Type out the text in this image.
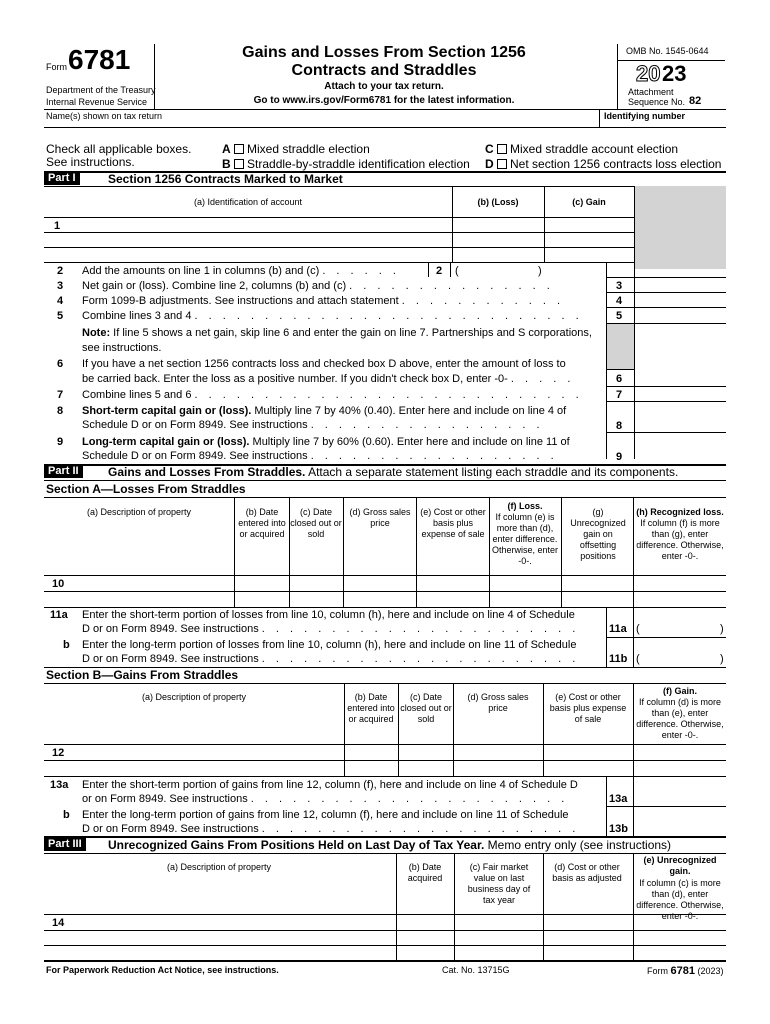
Form 6781
Department of the Treasury
Internal Revenue Service
Gains and Losses From Section 1256
Contracts and Straddles
Attach to your tax return.
Go to www.irs.gov/Form6781 for the latest information.
OMB No. 1545-0644
20 23
Attachment
Sequence No. 82
Name(s) shown on tax return	Identifying number
Check all applicable boxes.
See instructions.
A Mixed straddle election
B Straddle-by-straddle identification election
C Mixed straddle account election
D Net section 1256 contracts loss election
Part I	Section 1256 Contracts Marked to Market
(a) Identification of account	(b) (Loss)	(c) Gain
1
2 Add the amounts on line 1 in columns (b) and (c) . . . . . .	2 (	)
3 Net gain or (loss). Combine line 2, columns (b) and (c) . . . . . . . . . . . . . . .	3
4 Form 1099-B adjustments. See instructions and attach statement . . . . . . . . . . . .	4
5 Combine lines 3 and 4 . . . . . . . . . . . . . . . . . . . . . . . . . . . .	5
Note: If line 5 shows a net gain, skip line 6 and enter the gain on line 7. Partnerships and S corporations,
see instructions.
6 If you have a net section 1256 contracts loss and checked box D above, enter the amount of loss to
be carried back. Enter the loss as a positive number. If you didn't check box D, enter -0- . . . . .	6
7 Combine lines 5 and 6 . . . . . . . . . . . . . . . . . . . . . . . . . . . .	7
8 Short-term capital gain or (loss). Multiply line 7 by 40% (0.40). Enter here and include on line 4 of
Schedule D or on Form 8949. See instructions . . . . . . . . . . . . . . . . .	8
9 Long-term capital gain or (loss). Multiply line 7 by 60% (0.60). Enter here and include on line 11 of
Schedule D or on Form 8949. See instructions . . . . . . . . . . . . . . . . . .	9
Part II	Gains and Losses From Straddles. Attach a separate statement listing each straddle and its components.
Section A—Losses From Straddles
(a) Description of property	(b) Date entered into or acquired
(c) Date closed out or sold
(d) Gross sales price
(e) Cost or other basis plus expense of sale
(f) Loss.
If column (e) is more than (d), enter difference. Otherwise, enter -0-.
(g) Unrecognized gain on offsetting positions
(h) Recognized loss.
If column (f) is more than (g), enter difference. Otherwise, enter -0-.
10
11a Enter the short-term portion of losses from line 10, column (h), here and include on line 4 of Schedule
D or on Form 8949. See instructions . . . . . . . . . . . . . . . . . . . . . . .	11a (	)
b Enter the long-term portion of losses from line 10, column (h), here and include on line 11 of Schedule
D or on Form 8949. See instructions . . . . . . . . . . . . . . . . . . . . . . .	11b (	)
Section B—Gains From Straddles
(a) Description of property	(b) Date entered into or acquired
(c) Date closed out or sold
(d) Gross sales price
(e) Cost or other basis plus expense of sale
(f) Gain.
If column (d) is more than (e), enter difference. Otherwise, enter -0-.
12
13a Enter the short-term portion of gains from line 12, column (f), here and include on line 4 of Schedule D
or on Form 8949. See instructions . . . . . . . . . . . . . . . . . . . . . . .	13a
b Enter the long-term portion of gains from line 12, column (f), here and include on line 11 of Schedule
D or on Form 8949. See instructions . . . . . . . . . . . . . . . . . . . . . . .	13b
Part III	Unrecognized Gains From Positions Held on Last Day of Tax Year. Memo entry only (see instructions)
(a) Description of property	(b) Date acquired
(c) Fair market value on last business day of tax year
(d) Cost or other basis as adjusted
(e) Unrecognized gain.
If column (c) is more than (d), enter difference. Otherwise, enter -0-.
14
For Paperwork Reduction Act Notice, see instructions.	Cat. No. 13715G	Form 6781 (2023)
